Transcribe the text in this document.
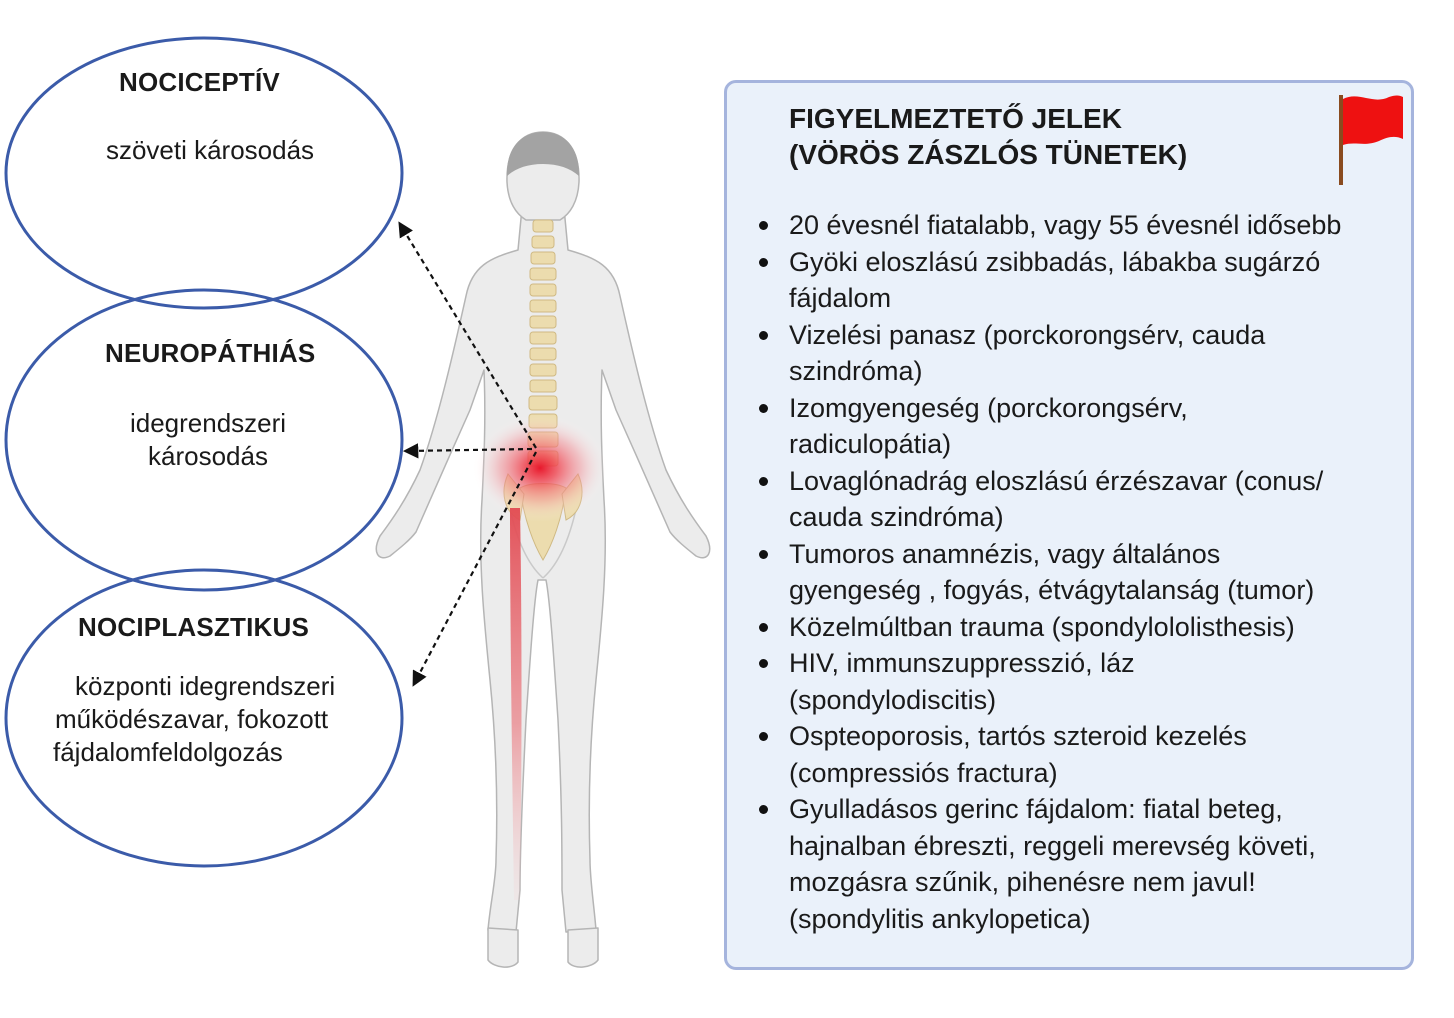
NOCICEPTÍV
szöveti károsodás
NEUROPÁTHIÁS
idegrendszeri
károsodás
NOCIPLASZTIKUS
központi idegrendszeri
működészavar, fokozott
fájdalomfeldolgozás
FIGYELMEZTETŐ JELEK
(VÖRÖS ZÁSZLÓS TÜNETEK)
20 évesnél fiatalabb, vagy 55 évesnél idősebb
Gyöki eloszlású zsibbadás, lábakba sugárzó
fájdalom
Vizelési panasz (porckorongsérv, cauda
szindróma)
Izomgyengeség (porckorongsérv,
radiculopátia)
Lovaglónadrág eloszlású érzészavar (conus/
cauda szindróma)
Tumoros anamnézis, vagy általános
gyengeség , fogyás, étvágytalanság (tumor)
Közelmúltban trauma (spondylololisthesis)
HIV, immunszuppresszió, láz
(spondylodiscitis)
Ospteoporosis, tartós szteroid kezelés
(compressiós fractura)
Gyulladásos gerinc fájdalom: fiatal beteg,
hajnalban ébreszti, reggeli merevség követi,
mozgásra szűnik, pihenésre nem javul!
(spondylitis ankylopetica)
